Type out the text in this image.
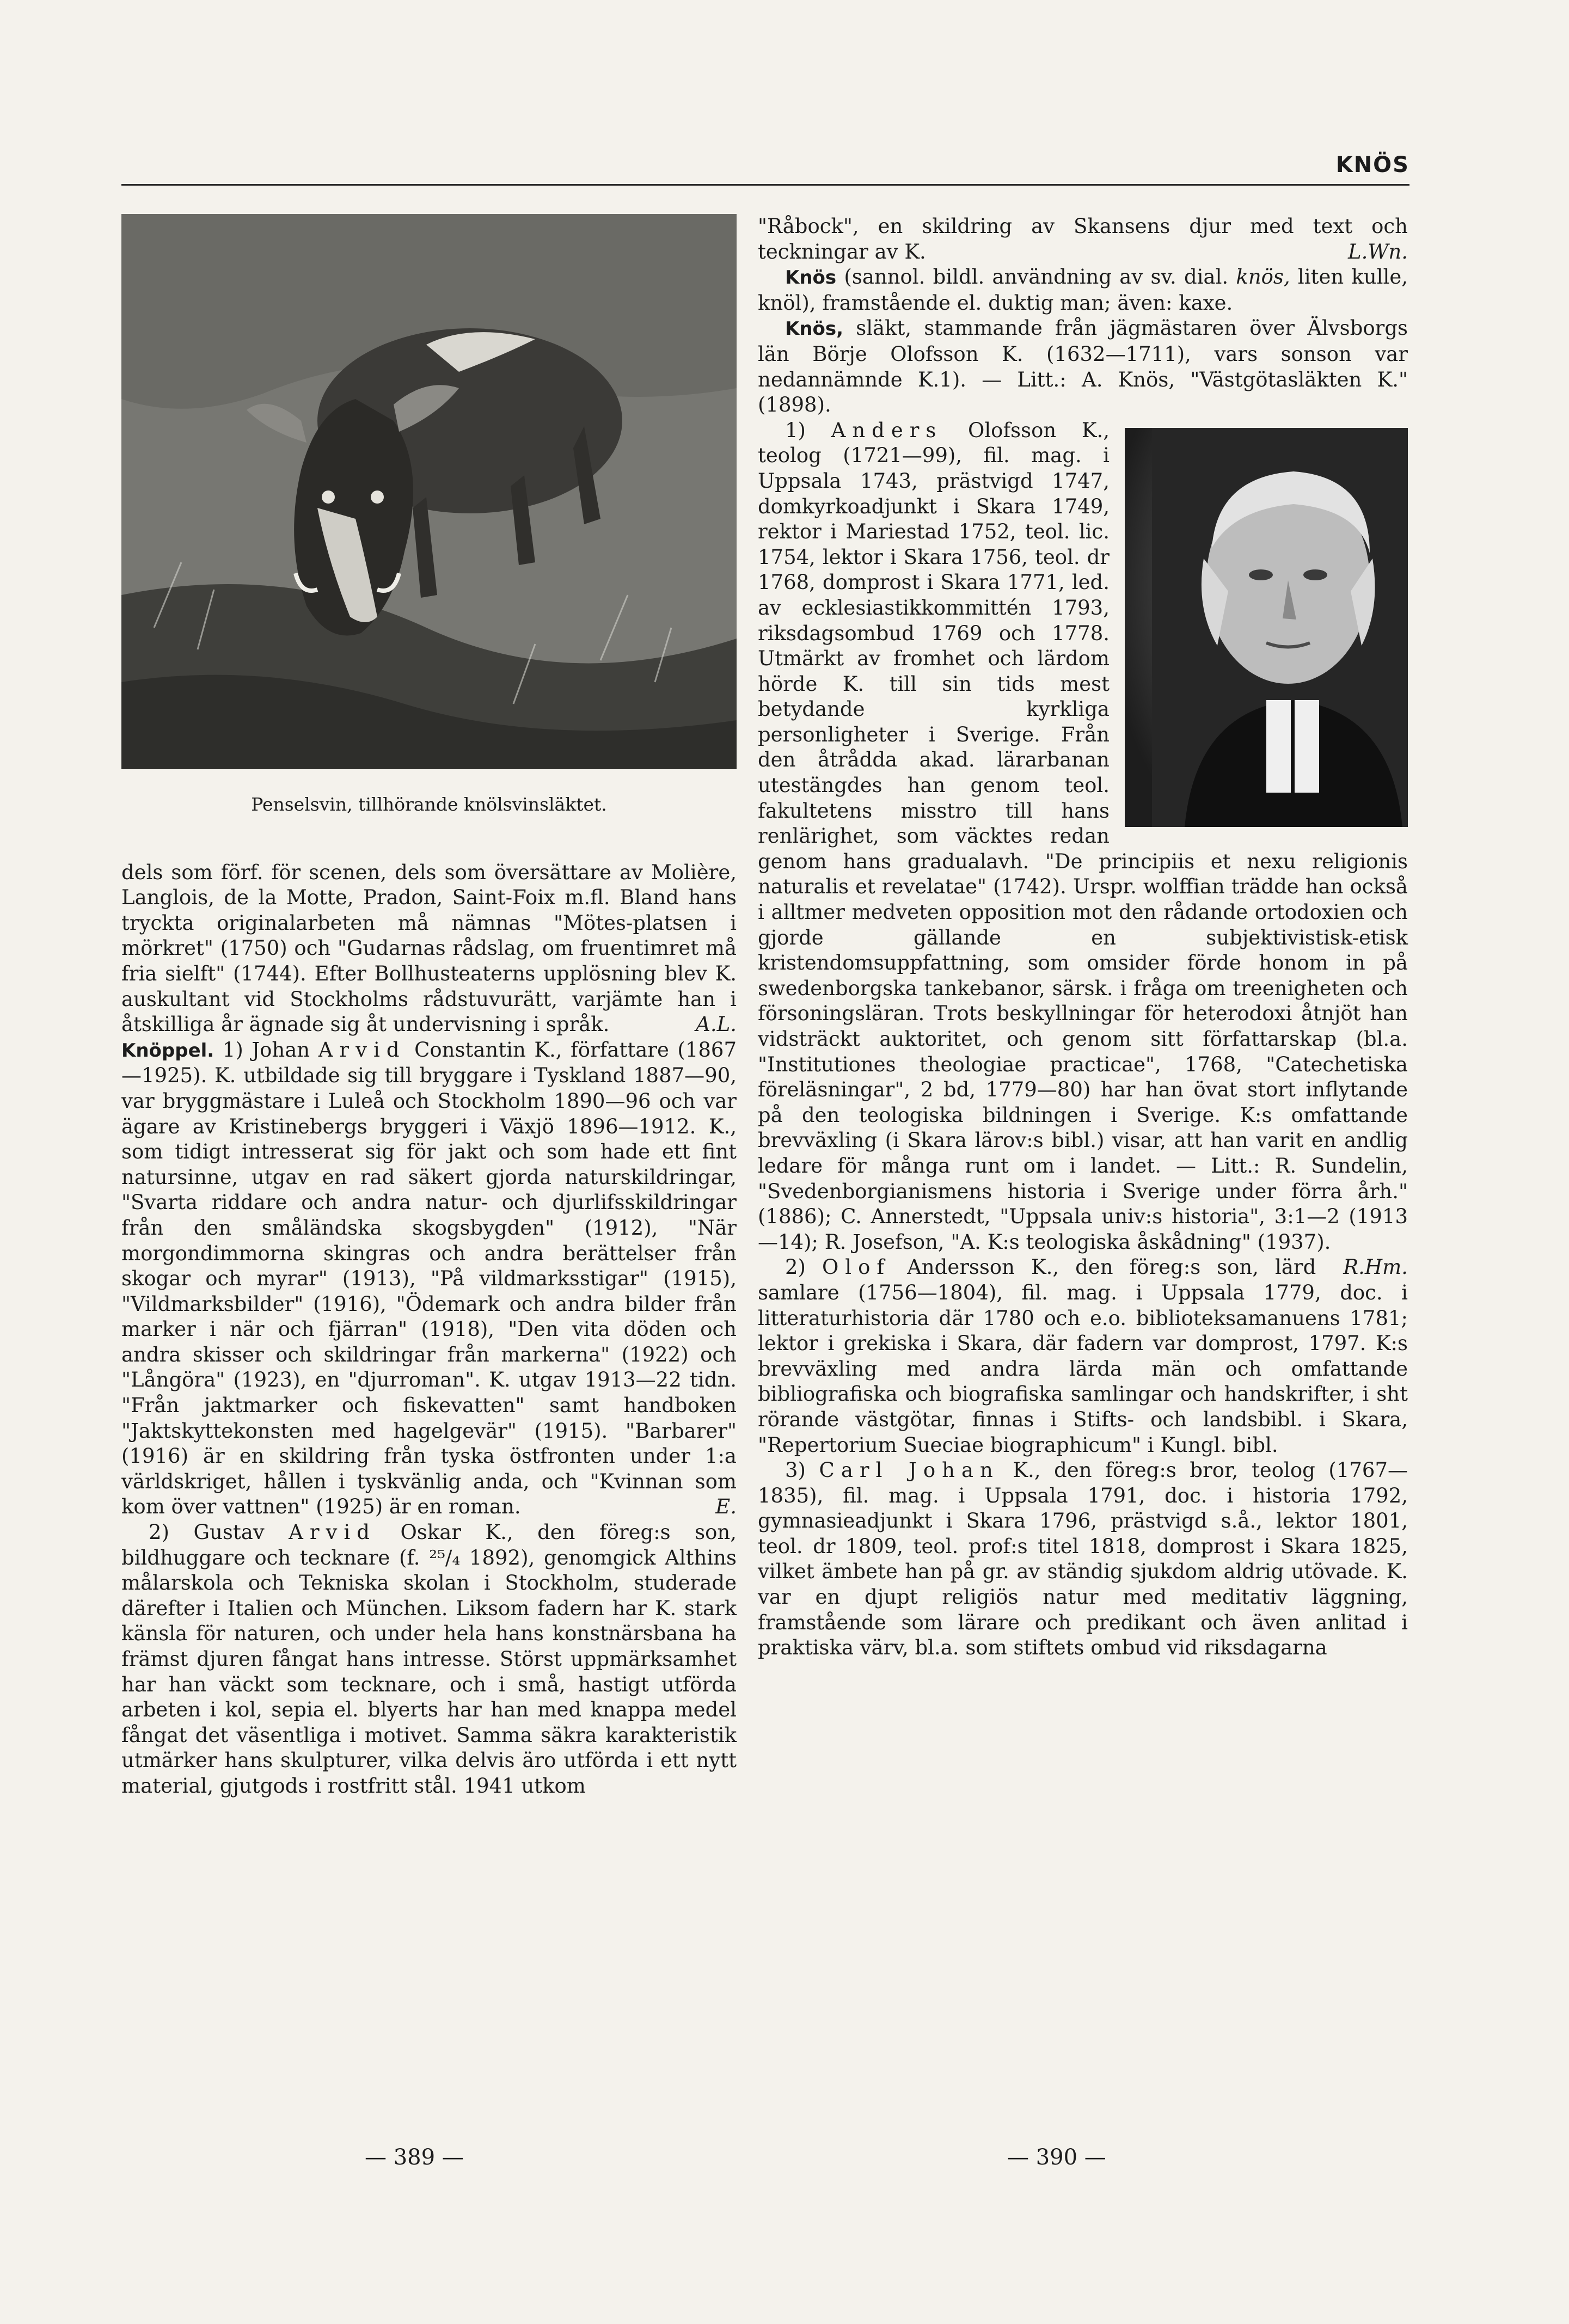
KNÖS
Penselsvin, tillhörande knölsvinsläktet.

dels som förf. för scenen, dels som översättare av Molière, Langlois, de la Motte, Pradon, Saint-Foix m.fl. Bland hans tryckta originalarbeten må nämnas "Mötes-platsen i mörkret" (1750) och "Gudarnas rådslag, om fruentimret må fria sielft" (1744). Efter Bollhusteaterns upplösning blev K. auskultant vid Stockholms rådstuvurätt, varjämte han i åtskilliga år ägnade sig åt undervisning i språk.	A.L.

Knöppel. 1) Johan Arvid Constantin K., författare (1867—1925). K. utbildade sig till bryggare i Tyskland 1887—90, var bryggmästare i Luleå och Stockholm 1890—96 och var ägare av Kristinebergs bryggeri i Växjö 1896—1912. K., som tidigt intresserat sig för jakt och som hade ett fint natursinne, utgav en rad säkert gjorda naturskildringar, "Svarta riddare och andra natur- och djurlifsskildringar från den småländska skogsbygden" (1912), "När morgondimmorna skingras och andra berättelser från skogar och myrar" (1913), "På vildmarksstigar" (1915), "Vildmarksbilder" (1916), "Ödemark och andra bilder från marker i när och fjärran" (1918), "Den vita döden och andra skisser och skildringar från markerna" (1922) och "Långöra" (1923), en "djurroman". K. utgav 1913—22 tidn. "Från jaktmarker och fiskevatten" samt handboken "Jaktskyttekonsten med hagelgevär" (1915). "Barbarer" (1916) är en skildring från tyska östfronten under 1:a världskriget, hållen i tyskvänlig anda, och "Kvinnan som kom över vattnen" (1925) är en roman.	E.

2) Gustav Arvid Oskar K., den föreg:s son, bildhuggare och tecknare (f. ²⁵/₄ 1892), genomgick Althins målarskola och Tekniska skolan i Stockholm, studerade därefter i Italien och München. Liksom fadern har K. stark känsla för naturen, och under hela hans konstnärsbana ha främst djuren fångat hans intresse. Störst uppmärksamhet har han väckt som tecknare, och i små, hastigt utförda arbeten i kol, sepia el. blyerts har han med knappa medel fångat det väsentliga i motivet. Samma säkra karakteristik utmärker hans skulpturer, vilka delvis äro utförda i ett nytt material, gjutgods i rostfritt stål. 1941 utkom

"Råbock", en skildring av Skansens djur med text och teckningar av K.	L.Wn.

Knös (sannol. bildl. användning av sv. dial. knös, liten kulle, knöl), framstående el. duktig man; även: kaxe.

Knös, släkt, stammande från jägmästaren över Älvsborgs län Börje Olofsson K. (1632—1711), vars sonson var nedannämnde K.1). — Litt.: A. Knös, "Västgötasläkten K." (1898).

1) Anders Olofsson K., teolog (1721—99), fil. mag. i Uppsala 1743, prästvigd 1747, domkyrkoadjunkt i Skara 1749, rektor i Mariestad 1752, teol. lic. 1754, lektor i Skara 1756, teol. dr 1768, domprost i Skara 1771, led. av ecklesiastikkommittén 1793, riksdagsombud 1769 och 1778. Utmärkt av fromhet och lärdom hörde K. till sin tids mest betydande kyrkliga personligheter i Sverige. Från den åtrådda akad. lärarbanan utestängdes han genom teol. fakultetens misstro till hans renlärighet, som väcktes redan genom hans gradualavh. "De principiis et nexu religionis naturalis et revelatae" (1742). Urspr. wolffian trädde han också i alltmer medveten opposition mot den rådande ortodoxien och gjorde gällande en subjektivistisk-etisk kristendomsuppfattning, som omsider förde honom in på swedenborgska tankebanor, särsk. i fråga om treenigheten och försoningsläran. Trots beskyllningar för heterodoxi åtnjöt han vidsträckt auktoritet, och genom sitt författarskap (bl.a. "Institutiones theologiae practicae", 1768, "Catechetiska föreläsningar", 2 bd, 1779—80) har han övat stort inflytande på den teologiska bildningen i Sverige. K:s omfattande brevväxling (i Skara lärov:s bibl.) visar, att han varit en andlig ledare för många runt om i landet. — Litt.: R. Sundelin, "Svedenborgianismens historia i Sverige under förra årh." (1886); C. Annerstedt, "Uppsala univ:s historia", 3:1—2 (1913—14); R. Josefson, "A. K:s teologiska åskådning" (1937).
R.Hm.

2) Olof Andersson K., den föreg:s son, lärd samlare (1756—1804), fil. mag. i Uppsala 1779, doc. i litteraturhistoria där 1780 och e.o. biblioteksamanuens 1781; lektor i grekiska i Skara, där fadern var domprost, 1797. K:s brevväxling med andra lärda män och omfattande bibliografiska och biografiska samlingar och handskrifter, i sht rörande västgötar, finnas i Stifts- och landsbibl. i Skara, "Repertorium Sueciae biographicum" i Kungl. bibl.

3) Carl Johan K., den föreg:s bror, teolog (1767—1835), fil. mag. i Uppsala 1791, doc. i historia 1792, gymnasieadjunkt i Skara 1796, prästvigd s.å., lektor 1801, teol. dr 1809, teol. prof:s titel 1818, domprost i Skara 1825, vilket ämbete han på gr. av ständig sjukdom aldrig utövade. K. var en djupt religiös natur med meditativ läggning, framstående som lärare och predikant och även anlitad i praktiska värv, bl.a. som stiftets ombud vid riksdagarna

— 389 —	— 390 —
